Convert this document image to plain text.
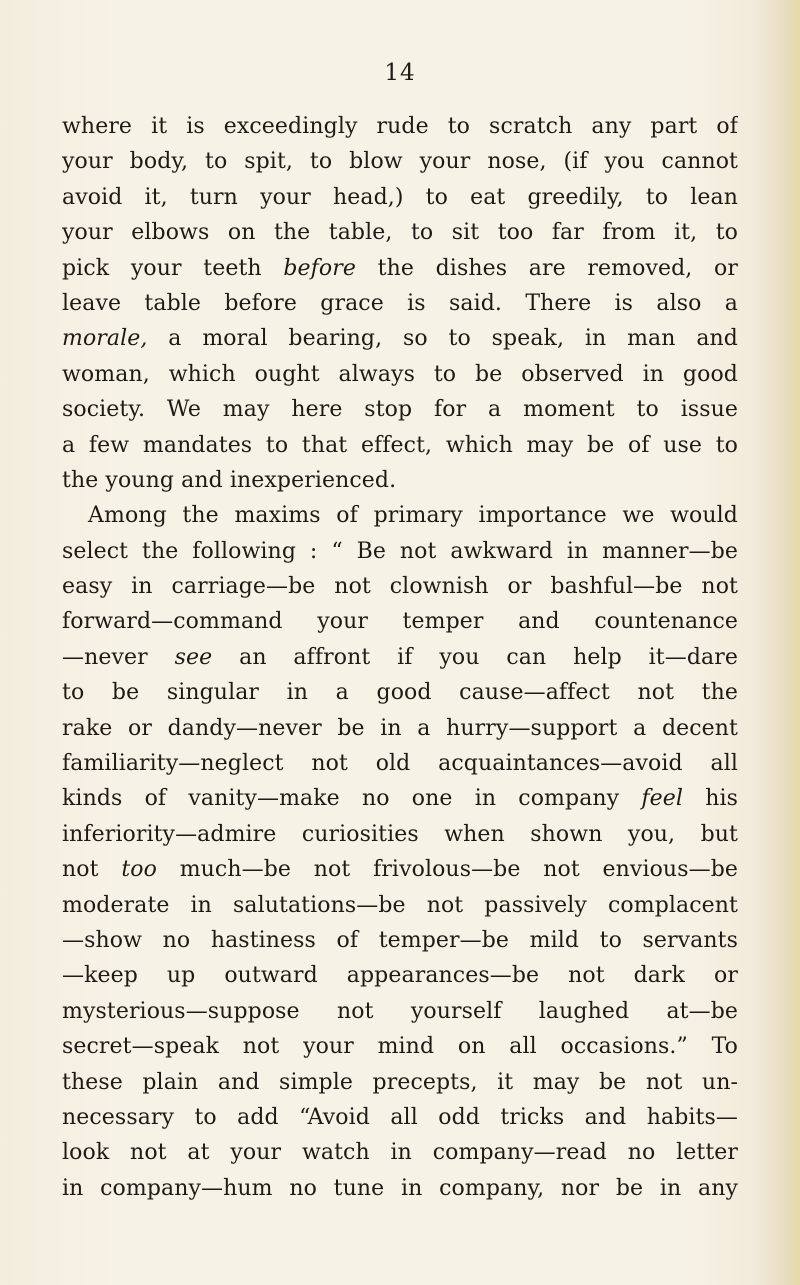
14
where it is exceedingly rude to scratch any part of
your body, to spit, to blow your nose, (if you cannot
avoid it, turn your head,) to eat greedily, to lean
your elbows on the table, to sit too far from it, to
pick your teeth before the dishes are removed, or
leave table before grace is said. There is also a
morale, a moral bearing, so to speak, in man and
woman, which ought always to be observed in good
society. We may here stop for a moment to issue
a few mandates to that effect, which may be of use to
the young and inexperienced.
Among the maxims of primary importance we would
select the following : “ Be not awkward in manner—be
easy in carriage—be not clownish or bashful—be not
forward—command your temper and countenance
—never see an affront if you can help it—dare
to be singular in a good cause—affect not the
rake or dandy—never be in a hurry—support a decent
familiarity—neglect not old acquaintances—avoid all
kinds of vanity—make no one in company feel his
inferiority—admire curiosities when shown you, but
not too much—be not frivolous—be not envious—be
moderate in salutations—be not passively complacent
—show no hastiness of temper—be mild to servants
—keep up outward appearances—be not dark or
mysterious—suppose not yourself laughed at—be
secret—speak not your mind on all occasions.” To
these plain and simple precepts, it may be not un-
necessary to add “Avoid all odd tricks and habits—
look not at your watch in company—read no letter
in company—hum no tune in company, nor be in any
